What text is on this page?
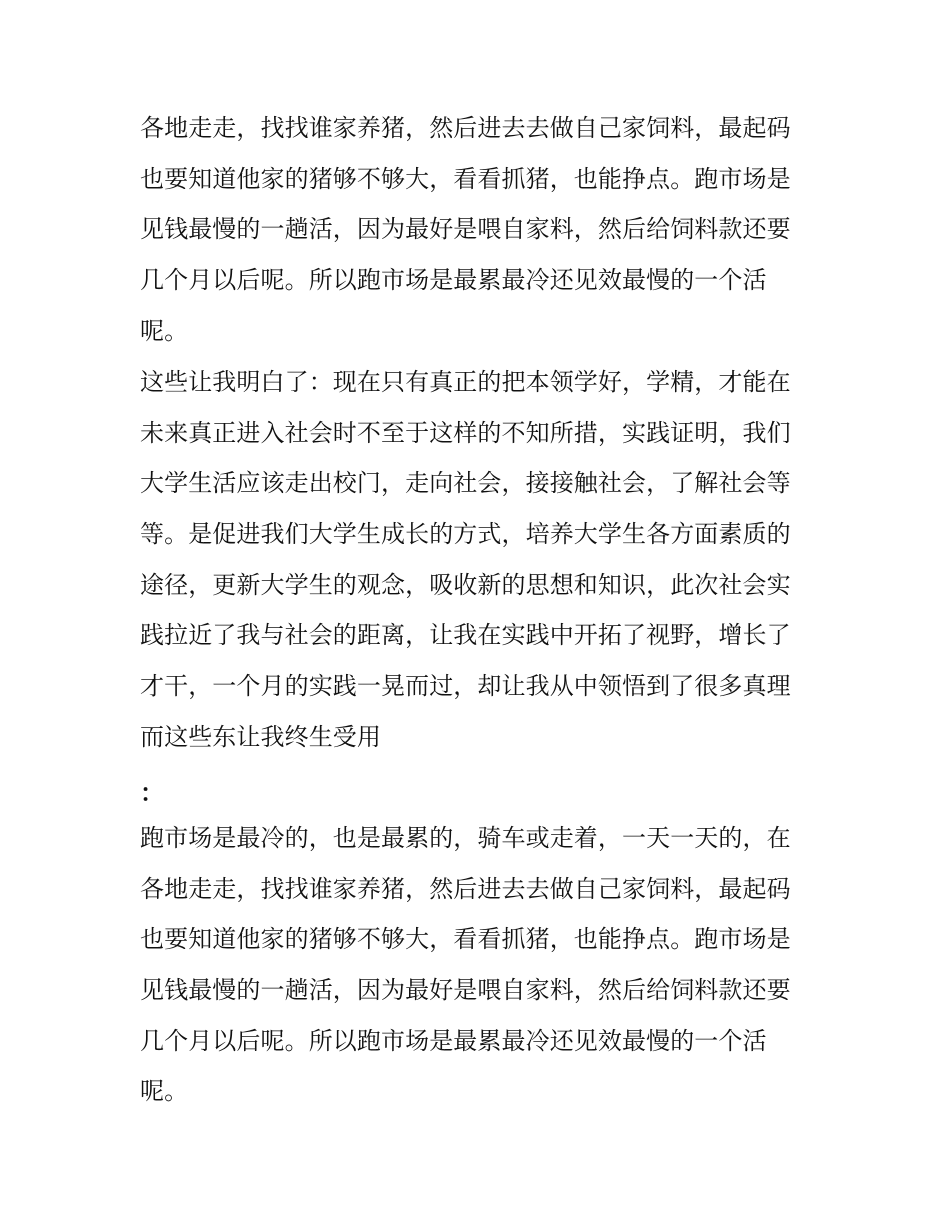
各地走走，找找谁家养猪，然后进去去做自己家饲料，最起码
也要知道他家的猪够不够大，看看抓猪，也能挣点。跑市场是
见钱最慢的一趟活，因为最好是喂自家料，然后给饲料款还要
几个月以后呢。所以跑市场是最累最冷还见效最慢的一个活
呢。
这些让我明白了：现在只有真正的把本领学好，学精，才能在
未来真正进入社会时不至于这样的不知所措，实践证明，我们
大学生活应该走出校门，走向社会，接接触社会，了解社会等
等。是促进我们大学生成长的方式，培养大学生各方面素质的
途径，更新大学生的观念，吸收新的思想和知识，此次社会实
践拉近了我与社会的距离，让我在实践中开拓了视野，增长了
才干，一个月的实践一晃而过，却让我从中领悟到了很多真理
而这些东让我终生受用
：
跑市场是最冷的，也是最累的，骑车或走着，一天一天的，在
各地走走，找找谁家养猪，然后进去去做自己家饲料，最起码
也要知道他家的猪够不够大，看看抓猪，也能挣点。跑市场是
见钱最慢的一趟活，因为最好是喂自家料，然后给饲料款还要
几个月以后呢。所以跑市场是最累最冷还见效最慢的一个活
呢。
